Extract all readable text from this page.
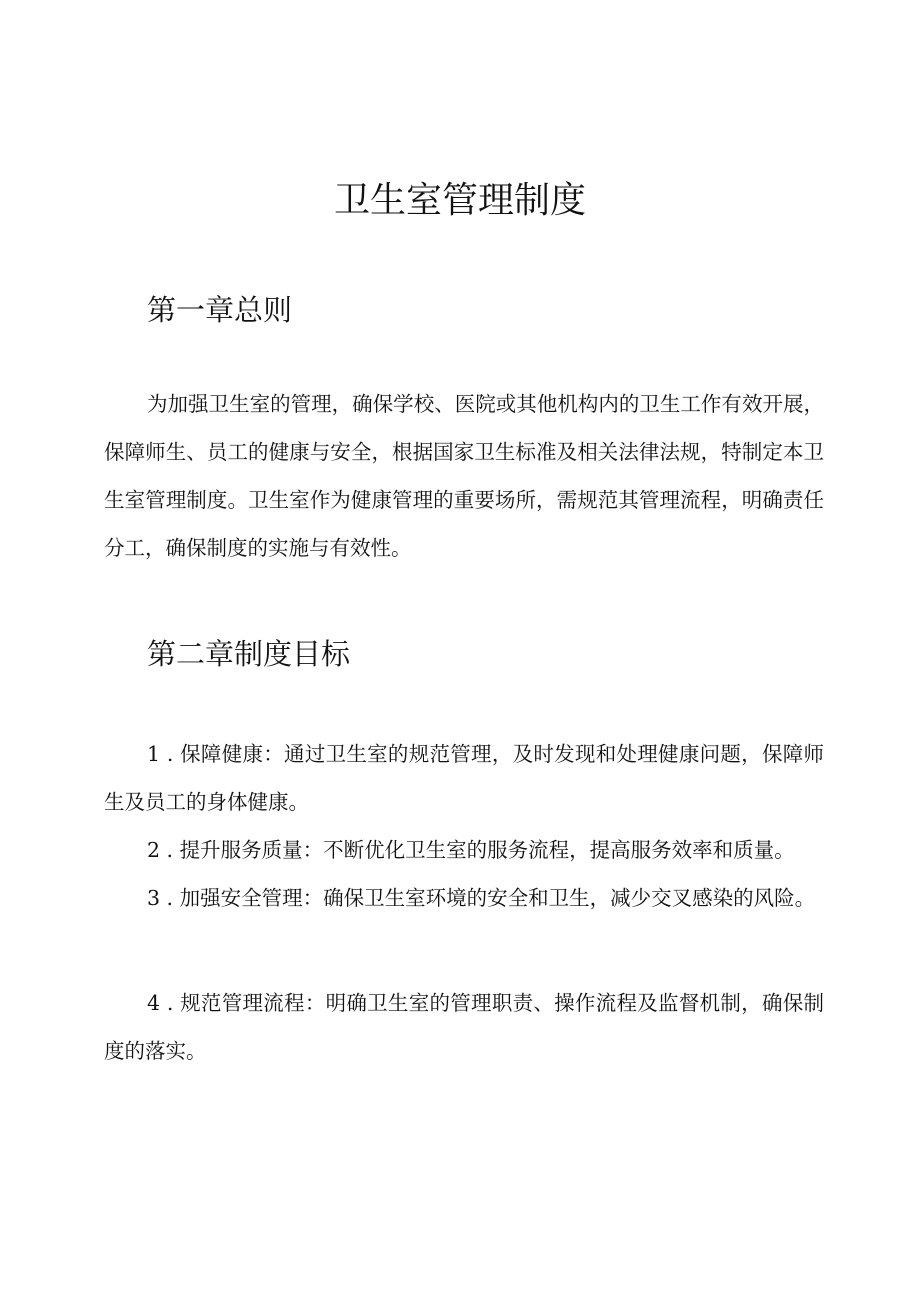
卫生室管理制度
第一章总则

为加强卫生室的管理，确保学校、医院或其他机构内的卫生工作有效开展，保障师生、员工的健康与安全，根据国家卫生标准及相关法律法规，特制定本卫生室管理制度。卫生室作为健康管理的重要场所，需规范其管理流程，明确责任分工，确保制度的实施与有效性。

第二章制度目标

1 . 保障健康：通过卫生室的规范管理，及时发现和处理健康问题，保障师生及员工的身体健康。

2 . 提升服务质量：不断优化卫生室的服务流程，提高服务效率和质量。

3 . 加强安全管理：确保卫生室环境的安全和卫生，减少交叉感染的风险。

4 . 规范管理流程：明确卫生室的管理职责、操作流程及监督机制，确保制度的落实。
